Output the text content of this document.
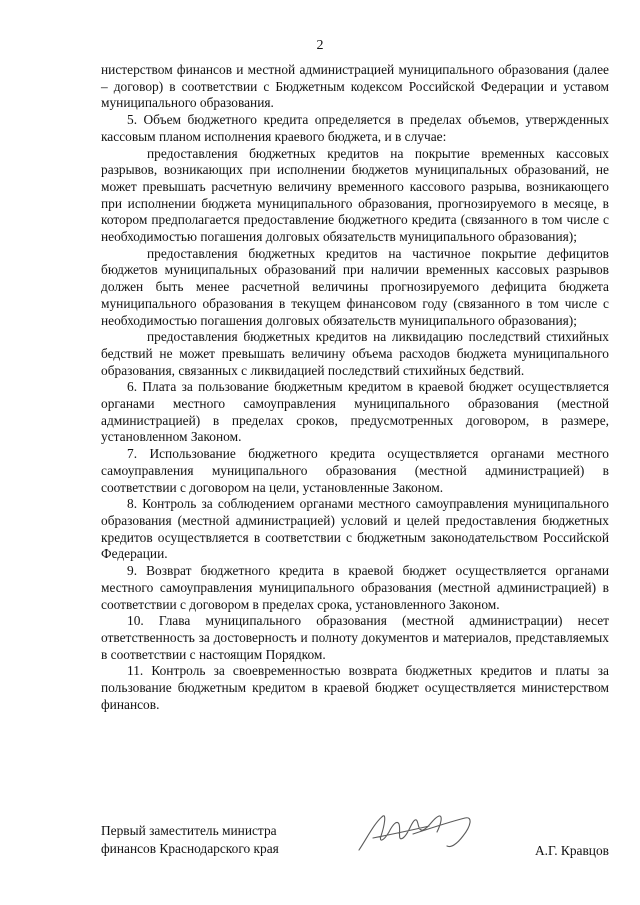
2

нистерством финансов и местной администрацией муниципального образования (далее – договор) в соответствии с Бюджетным кодексом Российской Федерации и уставом муниципального образования.

5. Объем бюджетного кредита определяется в пределах объемов, утвержденных кассовым планом исполнения краевого бюджета, и в случае:

предоставления бюджетных кредитов на покрытие временных кассовых разрывов, возникающих при исполнении бюджетов муниципальных образований, не может превышать расчетную величину временного кассового разрыва, возникающего при исполнении бюджета муниципального образования, прогнозируемого в месяце, в котором предполагается предоставление бюджетного кредита (связанного в том числе с необходимостью погашения долговых обязательств муниципального образования);

предоставления бюджетных кредитов на частичное покрытие дефицитов бюджетов муниципальных образований при наличии временных кассовых разрывов должен быть менее расчетной величины прогнозируемого дефицита бюджета муниципального образования в текущем финансовом году (связанного в том числе с необходимостью погашения долговых обязательств муниципального образования);

предоставления бюджетных кредитов на ликвидацию последствий стихийных бедствий не может превышать величину объема расходов бюджета муниципального образования, связанных с ликвидацией последствий стихийных бедствий.

6. Плата за пользование бюджетным кредитом в краевой бюджет осуществляется органами местного самоуправления муниципального образования (местной администрацией) в пределах сроков, предусмотренных договором, в размере, установленном Законом.

7. Использование бюджетного кредита осуществляется органами местного самоуправления муниципального образования (местной администрацией) в соответствии с договором на цели, установленные Законом.

8. Контроль за соблюдением органами местного самоуправления муниципального образования (местной администрацией) условий и целей предоставления бюджетных кредитов осуществляется в соответствии с бюджетным законодательством Российской Федерации.

9. Возврат бюджетного кредита в краевой бюджет осуществляется органами местного самоуправления муниципального образования (местной администрацией) в соответствии с договором в пределах срока, установленного Законом.

10. Глава муниципального образования (местной администрации) несет ответственность за достоверность и полноту документов и материалов, представляемых в соответствии с настоящим Порядком.

11. Контроль за своевременностью возврата бюджетных кредитов и платы за пользование бюджетным кредитом в краевой бюджет осуществляется министерством финансов.

Первый заместитель министра
финансов Краснодарского края	А.Г. Кравцов
